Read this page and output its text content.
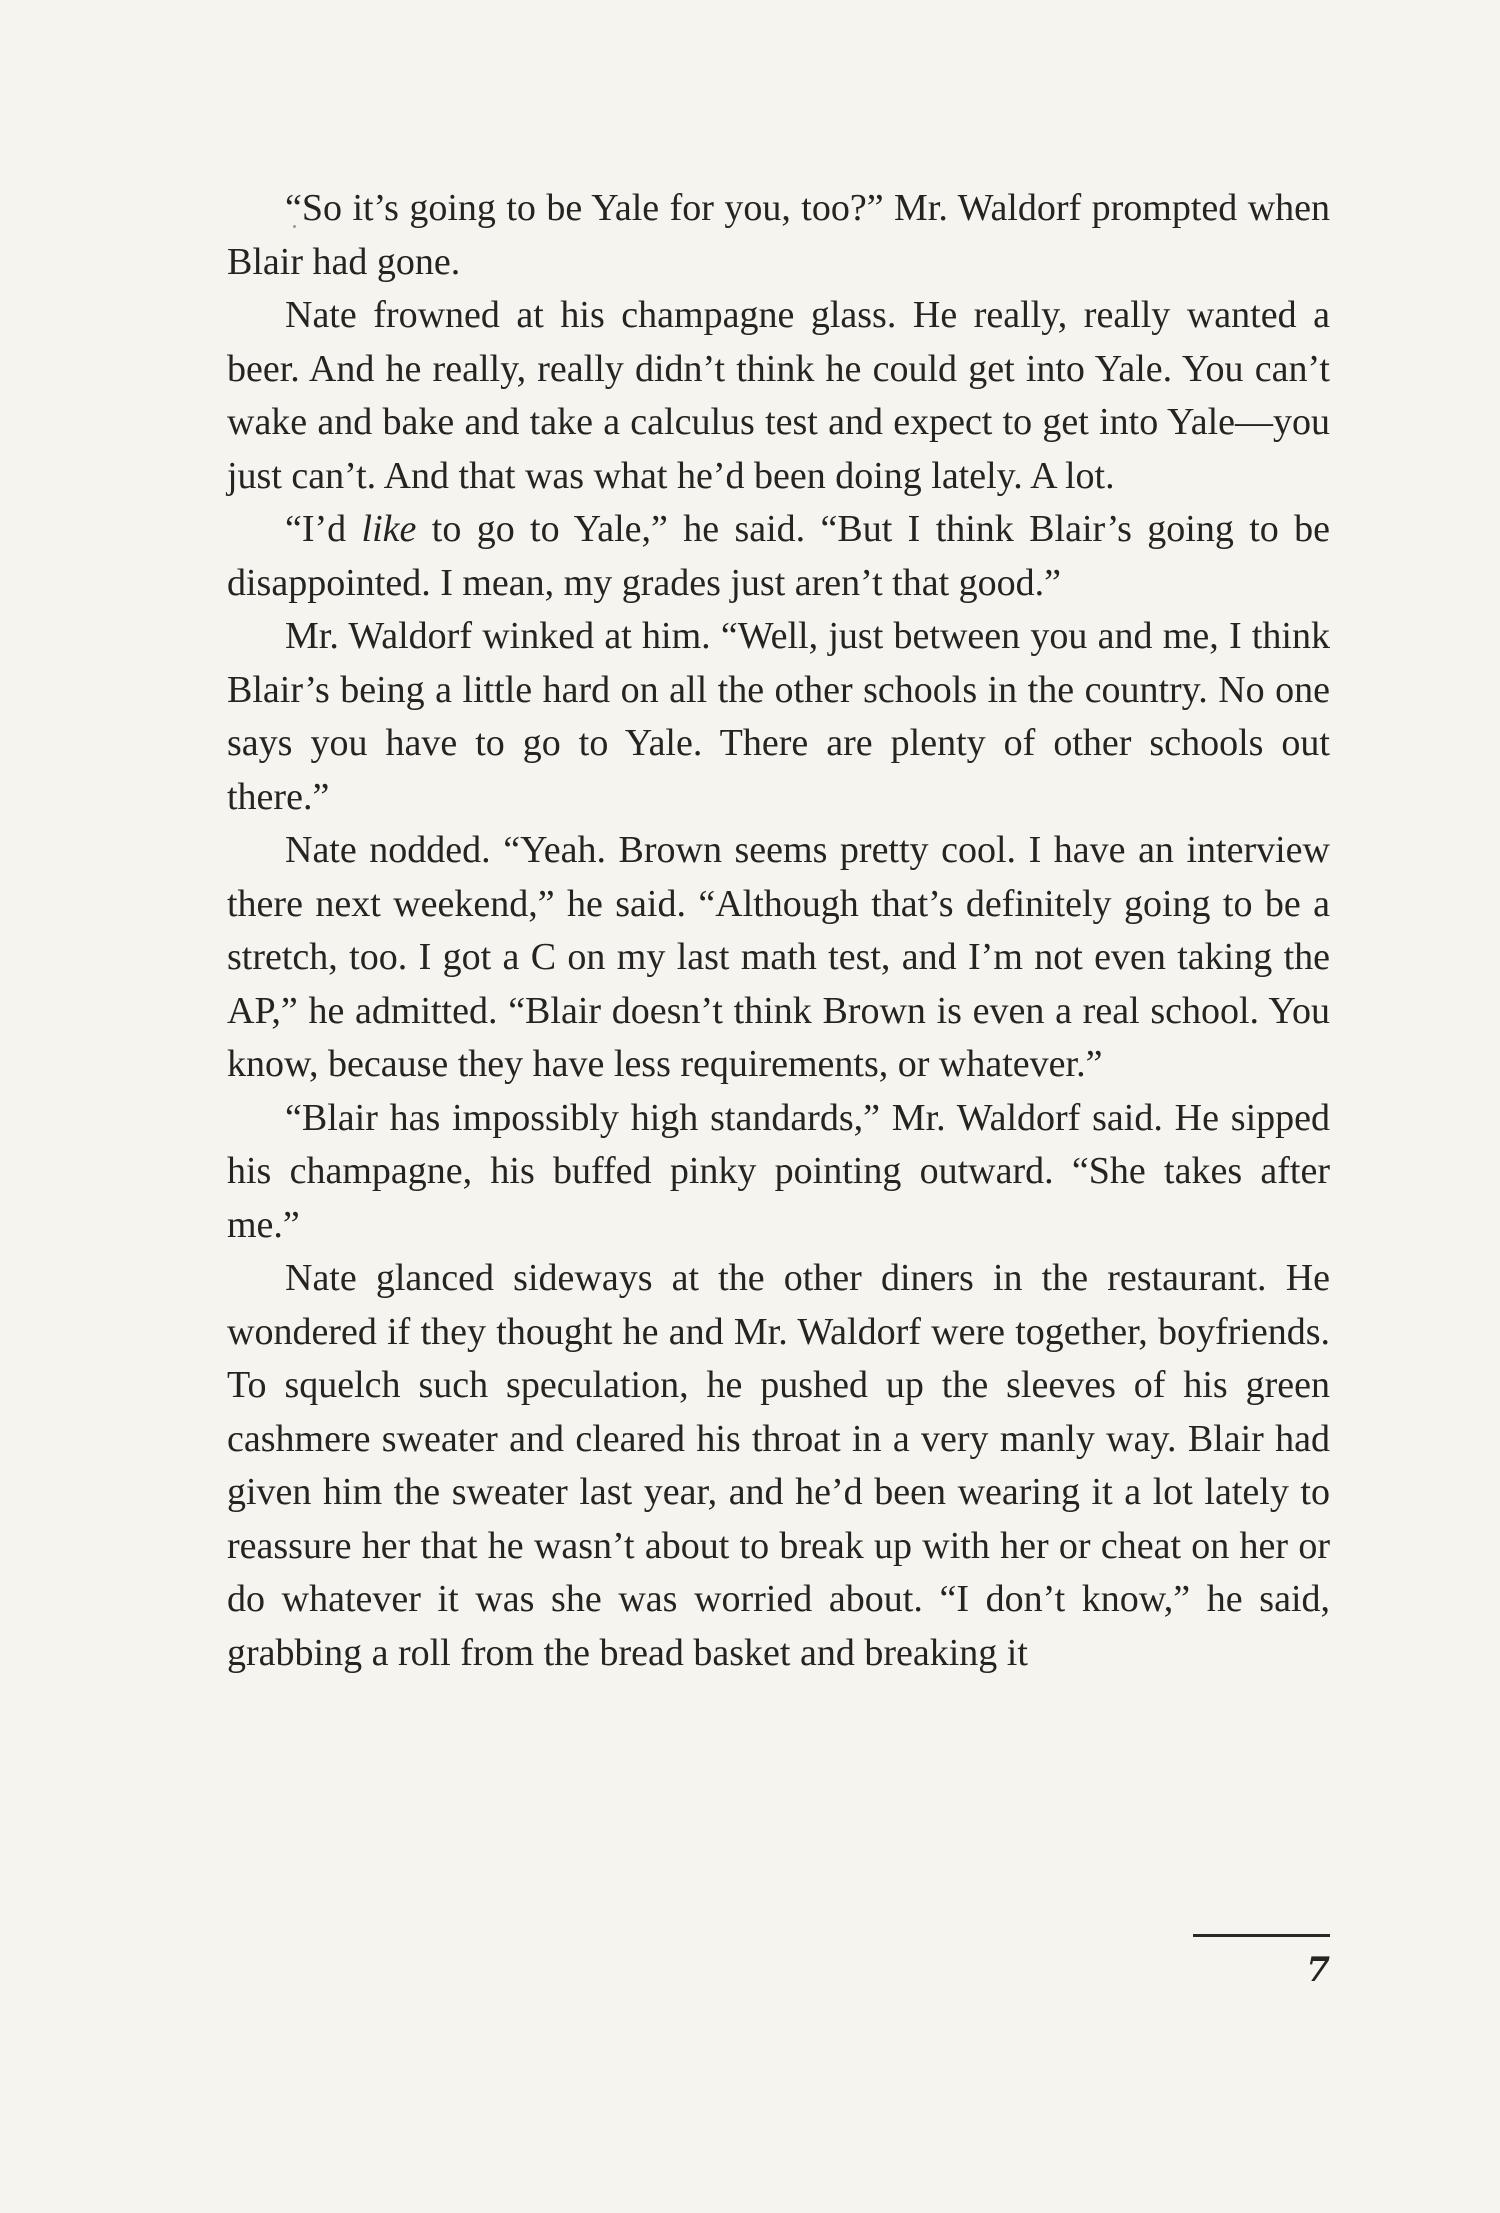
“So it’s going to be Yale for you, too?” Mr. Waldorf prompted when Blair had gone.

Nate frowned at his champagne glass. He really, really wanted a beer. And he really, really didn’t think he could get into Yale. You can’t wake and bake and take a calculus test and expect to get into Yale—you just can’t. And that was what he’d been doing lately. A lot.

“I’d like to go to Yale,” he said. “But I think Blair’s going to be disappointed. I mean, my grades just aren’t that good.”

Mr. Waldorf winked at him. “Well, just between you and me, I think Blair’s being a little hard on all the other schools in the country. No one says you have to go to Yale. There are plenty of other schools out there.”

Nate nodded. “Yeah. Brown seems pretty cool. I have an interview there next weekend,” he said. “Although that’s definitely going to be a stretch, too. I got a C on my last math test, and I’m not even taking the AP,” he admitted. “Blair doesn’t think Brown is even a real school. You know, because they have less requirements, or whatever.”

“Blair has impossibly high standards,” Mr. Waldorf said. He sipped his champagne, his buffed pinky pointing outward. “She takes after me.”

Nate glanced sideways at the other diners in the restaurant. He wondered if they thought he and Mr. Waldorf were together, boyfriends. To squelch such speculation, he pushed up the sleeves of his green cashmere sweater and cleared his throat in a very manly way. Blair had given him the sweater last year, and he’d been wearing it a lot lately to reassure her that he wasn’t about to break up with her or cheat on her or do whatever it was she was worried about. “I don’t know,” he said, grabbing a roll from the bread basket and breaking it

7
